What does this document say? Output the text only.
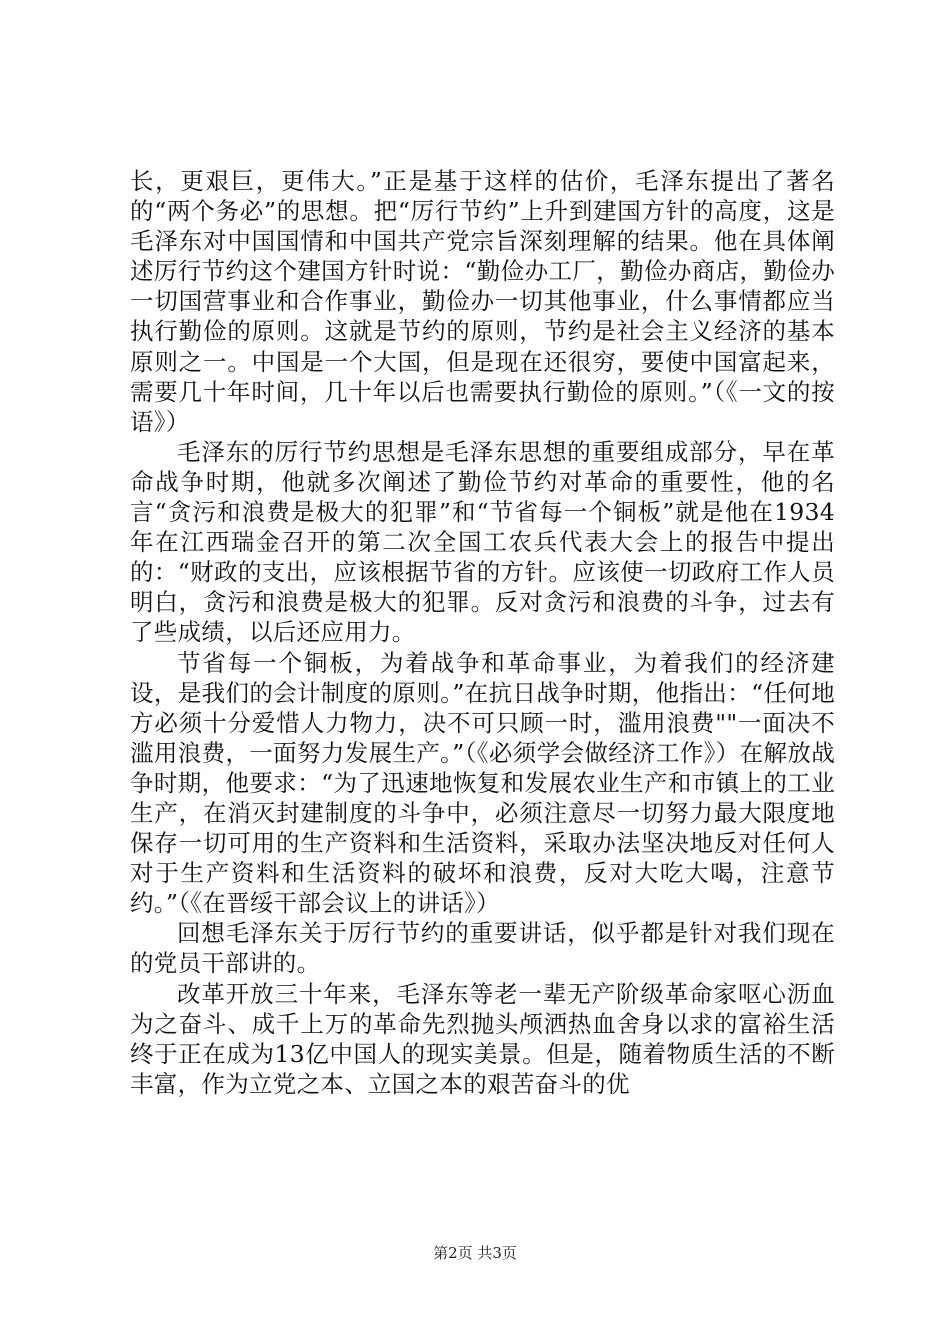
长，更艰巨，更伟大。”正是基于这样的估价，毛泽东提出了著名的“两个务必”的思想。把“厉行节约”上升到建国方针的高度，这是毛泽东对中国国情和中国共产党宗旨深刻理解的结果。他在具体阐述厉行节约这个建国方针时说：“勤俭办工厂，勤俭办商店，勤俭办一切国营事业和合作事业，勤俭办一切其他事业，什么事情都应当执行勤俭的原则。这就是节约的原则，节约是社会主义经济的基本原则之一。中国是一个大国，但是现在还很穷，要使中国富起来，需要几十年时间，几十年以后也需要执行勤俭的原则。”（《一文的按语》）

毛泽东的厉行节约思想是毛泽东思想的重要组成部分，早在革命战争时期，他就多次阐述了勤俭节约对革命的重要性，他的名言“贪污和浪费是极大的犯罪”和“节省每一个铜板”就是他在1934年在江西瑞金召开的第二次全国工农兵代表大会上的报告中提出的：“财政的支出，应该根据节省的方针。应该使一切政府工作人员明白，贪污和浪费是极大的犯罪。反对贪污和浪费的斗争，过去有了些成绩，以后还应用力。

节省每一个铜板，为着战争和革命事业，为着我们的经济建设，是我们的会计制度的原则。”在抗日战争时期，他指出：“任何地方必须十分爱惜人力物力，决不可只顾一时，滥用浪费""一面决不滥用浪费，一面努力发展生产。”（《必须学会做经济工作》）在解放战争时期，他要求：“为了迅速地恢复和发展农业生产和市镇上的工业生产，在消灭封建制度的斗争中，必须注意尽一切努力最大限度地保存一切可用的生产资料和生活资料，采取办法坚决地反对任何人对于生产资料和生活资料的破坏和浪费，反对大吃大喝，注意节约。”（《在晋绥干部会议上的讲话》）

回想毛泽东关于厉行节约的重要讲话，似乎都是针对我们现在的党员干部讲的。

改革开放三十年来，毛泽东等老一辈无产阶级革命家呕心沥血为之奋斗、成千上万的革命先烈抛头颅洒热血舍身以求的富裕生活终于正在成为13亿中国人的现实美景。但是，随着物质生活的不断丰富，作为立党之本、立国之本的艰苦奋斗的优

第2页 共3页
